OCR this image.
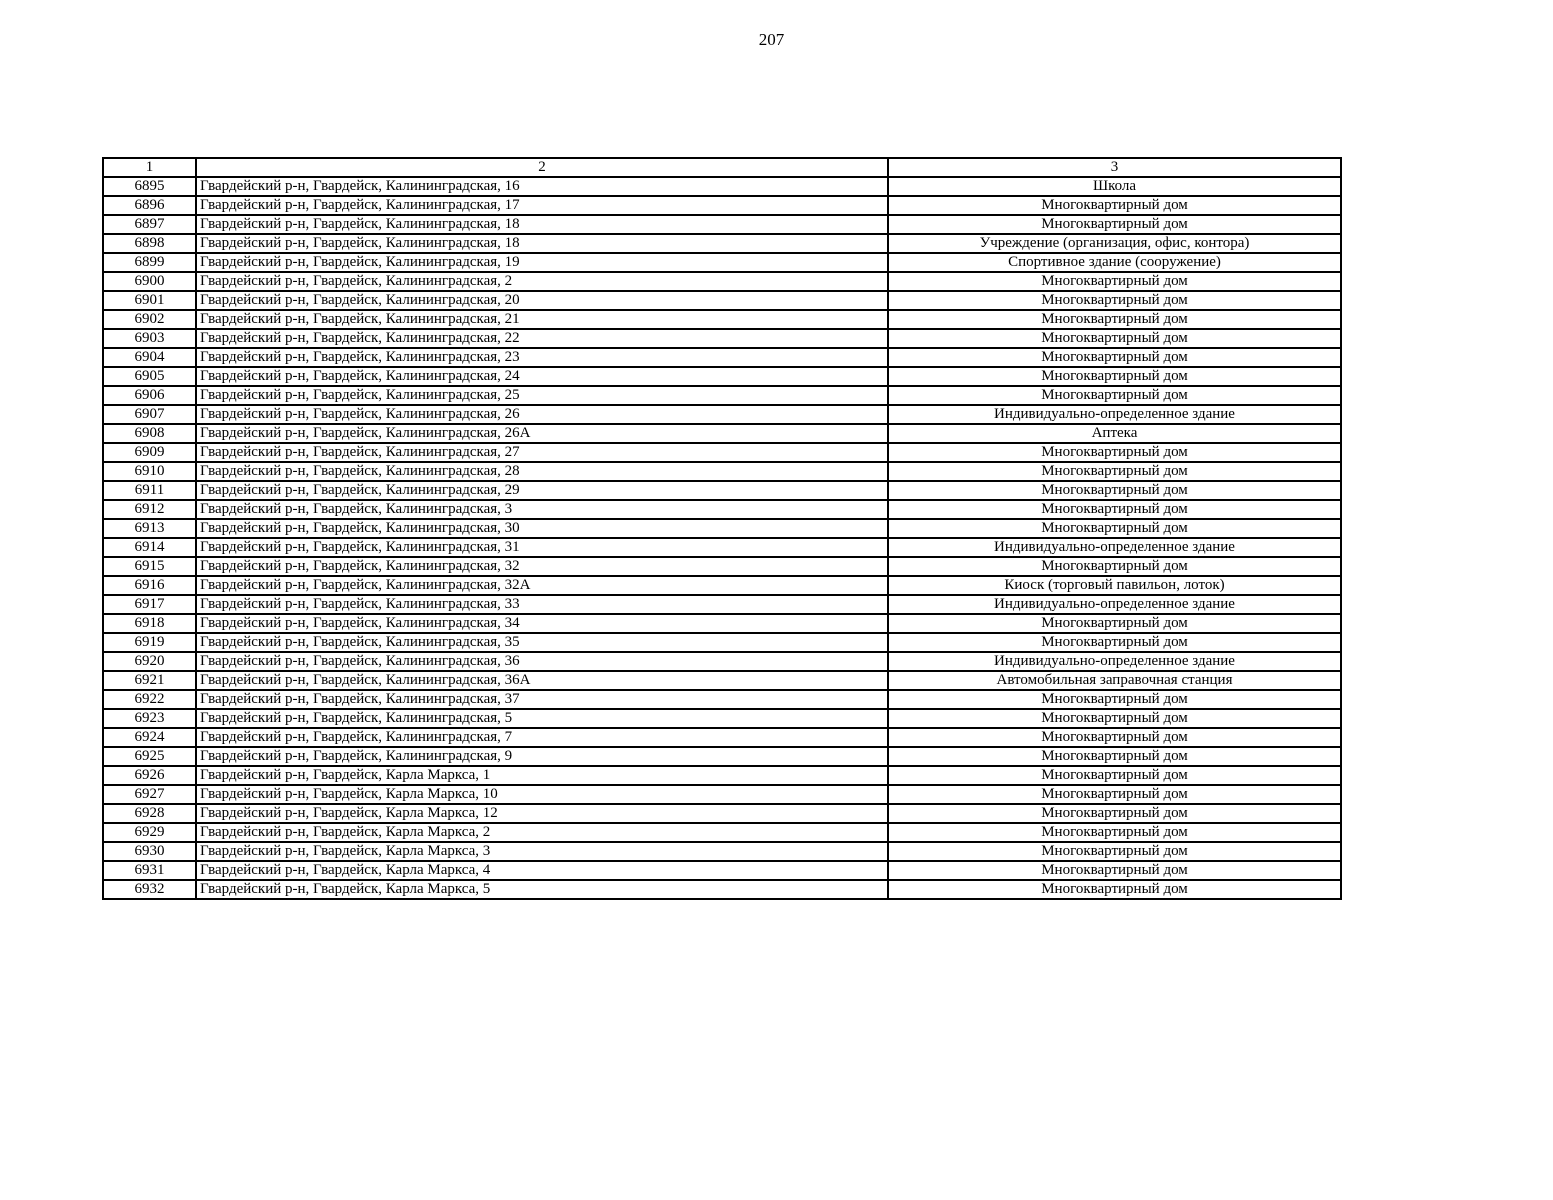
207
1	2	3
6895	Гвардейский р-н, Гвардейск, Калининградская, 16	Школа
6896	Гвардейский р-н, Гвардейск, Калининградская, 17	Многоквартирный дом
6897	Гвардейский р-н, Гвардейск, Калининградская, 18	Многоквартирный дом
6898	Гвардейский р-н, Гвардейск, Калининградская, 18	Учреждение (организация, офис, контора)
6899	Гвардейский р-н, Гвардейск, Калининградская, 19	Спортивное здание (сооружение)
6900	Гвардейский р-н, Гвардейск, Калининградская, 2	Многоквартирный дом
6901	Гвардейский р-н, Гвардейск, Калининградская, 20	Многоквартирный дом
6902	Гвардейский р-н, Гвардейск, Калининградская, 21	Многоквартирный дом
6903	Гвардейский р-н, Гвардейск, Калининградская, 22	Многоквартирный дом
6904	Гвардейский р-н, Гвардейск, Калининградская, 23	Многоквартирный дом
6905	Гвардейский р-н, Гвардейск, Калининградская, 24	Многоквартирный дом
6906	Гвардейский р-н, Гвардейск, Калининградская, 25	Многоквартирный дом
6907	Гвардейский р-н, Гвардейск, Калининградская, 26	Индивидуально-определенное здание
6908	Гвардейский р-н, Гвардейск, Калининградская, 26А	Аптека
6909	Гвардейский р-н, Гвардейск, Калининградская, 27	Многоквартирный дом
6910	Гвардейский р-н, Гвардейск, Калининградская, 28	Многоквартирный дом
6911	Гвардейский р-н, Гвардейск, Калининградская, 29	Многоквартирный дом
6912	Гвардейский р-н, Гвардейск, Калининградская, 3	Многоквартирный дом
6913	Гвардейский р-н, Гвардейск, Калининградская, 30	Многоквартирный дом
6914	Гвардейский р-н, Гвардейск, Калининградская, 31	Индивидуально-определенное здание
6915	Гвардейский р-н, Гвардейск, Калининградская, 32	Многоквартирный дом
6916	Гвардейский р-н, Гвардейск, Калининградская, 32А	Киоск (торговый павильон, лоток)
6917	Гвардейский р-н, Гвардейск, Калининградская, 33	Индивидуально-определенное здание
6918	Гвардейский р-н, Гвардейск, Калининградская, 34	Многоквартирный дом
6919	Гвардейский р-н, Гвардейск, Калининградская, 35	Многоквартирный дом
6920	Гвардейский р-н, Гвардейск, Калининградская, 36	Индивидуально-определенное здание
6921	Гвардейский р-н, Гвардейск, Калининградская, 36А	Автомобильная заправочная станция
6922	Гвардейский р-н, Гвардейск, Калининградская, 37	Многоквартирный дом
6923	Гвардейский р-н, Гвардейск, Калининградская, 5	Многоквартирный дом
6924	Гвардейский р-н, Гвардейск, Калининградская, 7	Многоквартирный дом
6925	Гвардейский р-н, Гвардейск, Калининградская, 9	Многоквартирный дом
6926	Гвардейский р-н, Гвардейск, Карла Маркса, 1	Многоквартирный дом
6927	Гвардейский р-н, Гвардейск, Карла Маркса, 10	Многоквартирный дом
6928	Гвардейский р-н, Гвардейск, Карла Маркса, 12	Многоквартирный дом
6929	Гвардейский р-н, Гвардейск, Карла Маркса, 2	Многоквартирный дом
6930	Гвардейский р-н, Гвардейск, Карла Маркса, 3	Многоквартирный дом
6931	Гвардейский р-н, Гвардейск, Карла Маркса, 4	Многоквартирный дом
6932	Гвардейский р-н, Гвардейск, Карла Маркса, 5	Многоквартирный дом
